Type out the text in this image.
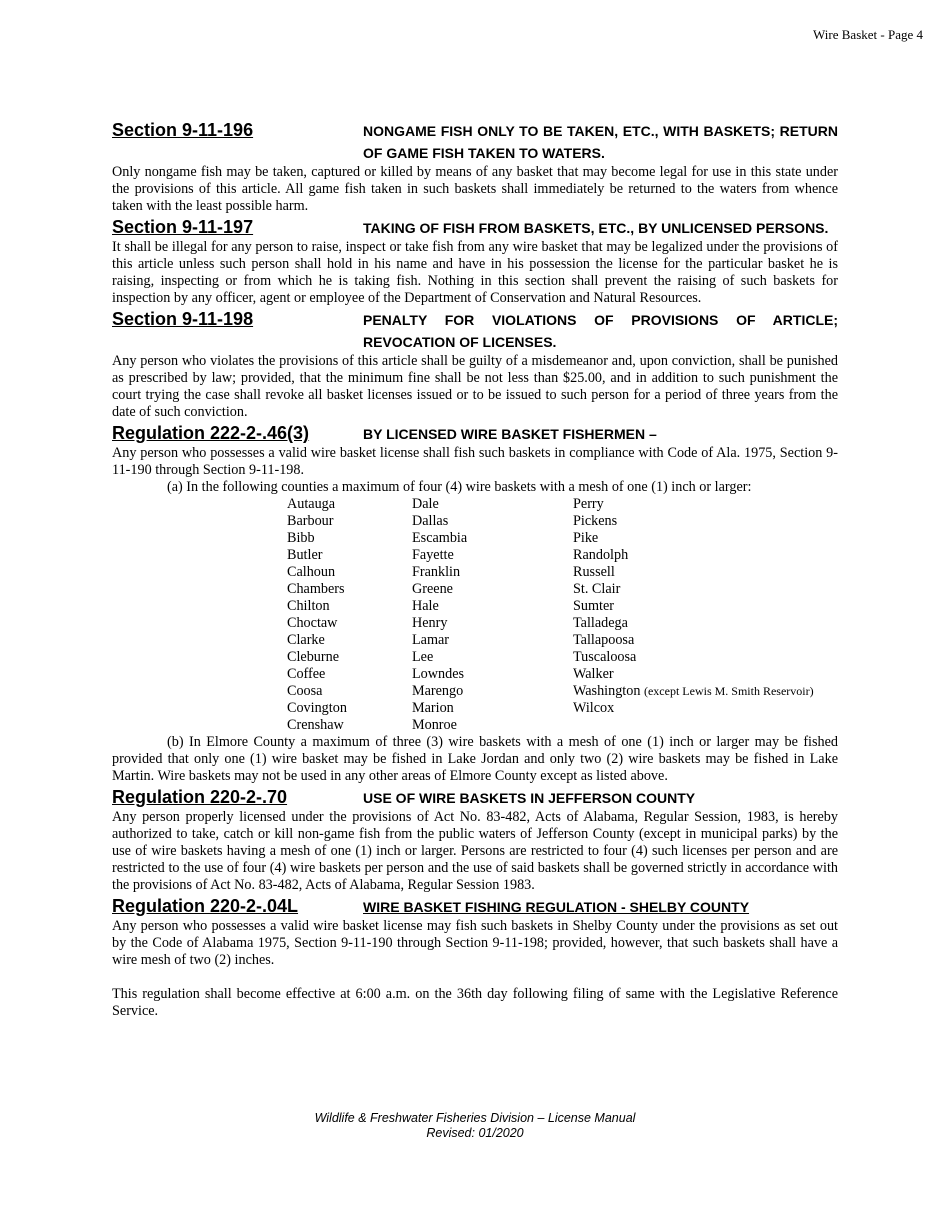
Wire Basket - Page 4
Section 9-11-196	NONGAME FISH ONLY TO BE TAKEN, ETC., WITH BASKETS; RETURN OF GAME FISH TAKEN TO WATERS.

Only nongame fish may be taken, captured or killed by means of any basket that may become legal for use in this state under the provisions of this article. All game fish taken in such baskets shall immediately be returned to the waters from whence taken with the least possible harm.

Section 9-11-197	TAKING OF FISH FROM BASKETS, ETC., BY UNLICENSED PERSONS.

It shall be illegal for any person to raise, inspect or take fish from any wire basket that may be legalized under the provisions of this article unless such person shall hold in his name and have in his possession the license for the particular basket he is raising, inspecting or from which he is taking fish. Nothing in this section shall prevent the raising of such baskets for inspection by any officer, agent or employee of the Department of Conservation and Natural Resources.

Section 9-11-198	PENALTY FOR VIOLATIONS OF PROVISIONS OF ARTICLE; REVOCATION OF LICENSES.

Any person who violates the provisions of this article shall be guilty of a misdemeanor and, upon conviction, shall be punished as prescribed by law; provided, that the minimum fine shall be not less than $25.00, and in addition to such punishment the court trying the case shall revoke all basket licenses issued or to be issued to such person for a period of three years from the date of such conviction.

Regulation 222-2-.46(3)	BY LICENSED WIRE BASKET FISHERMEN –

Any person who possesses a valid wire basket license shall fish such baskets in compliance with Code of Ala. 1975, Section 9-11-190 through Section 9-11-198.

(a) In the following counties a maximum of four (4) wire baskets with a mesh of one (1) inch or larger:
Autauga	Dale	Perry
Barbour	Dallas	Pickens
Bibb	Escambia	Pike
Butler	Fayette	Randolph
Calhoun	Franklin	Russell
Chambers	Greene	St. Clair
Chilton	Hale	Sumter
Choctaw	Henry	Talladega
Clarke	Lamar	Tallapoosa
Cleburne	Lee	Tuscaloosa
Coffee	Lowndes	Walker
Coosa	Marengo	Washington (except Lewis M. Smith Reservoir)
Covington	Marion	Wilcox
Crenshaw	Monroe	

(b) In Elmore County a maximum of three (3) wire baskets with a mesh of one (1) inch or larger may be fished provided that only one (1) wire basket may be fished in Lake Jordan and only two (2) wire baskets may be fished in Lake Martin. Wire baskets may not be used in any other areas of Elmore County except as listed above.

Regulation 220-2-.70	USE OF WIRE BASKETS IN JEFFERSON COUNTY

Any person properly licensed under the provisions of Act No. 83-482, Acts of Alabama, Regular Session, 1983, is hereby authorized to take, catch or kill non-game fish from the public waters of Jefferson County (except in municipal parks) by the use of wire baskets having a mesh of one (1) inch or larger. Persons are restricted to four (4) such licenses per person and are restricted to the use of four (4) wire baskets per person and the use of said baskets shall be governed strictly in accordance with the provisions of Act No. 83-482, Acts of Alabama, Regular Session 1983.

Regulation 220-2-.04L	WIRE BASKET FISHING REGULATION - SHELBY COUNTY

Any person who possesses a valid wire basket license may fish such baskets in Shelby County under the provisions as set out by the Code of Alabama 1975, Section 9-11-190 through Section 9-11-198; provided, however, that such baskets shall have a wire mesh of two (2) inches.

This regulation shall become effective at 6:00 a.m. on the 36th day following filing of same with the Legislative Reference Service.

Wildlife & Freshwater Fisheries Division – License Manual
Revised: 01/2020
